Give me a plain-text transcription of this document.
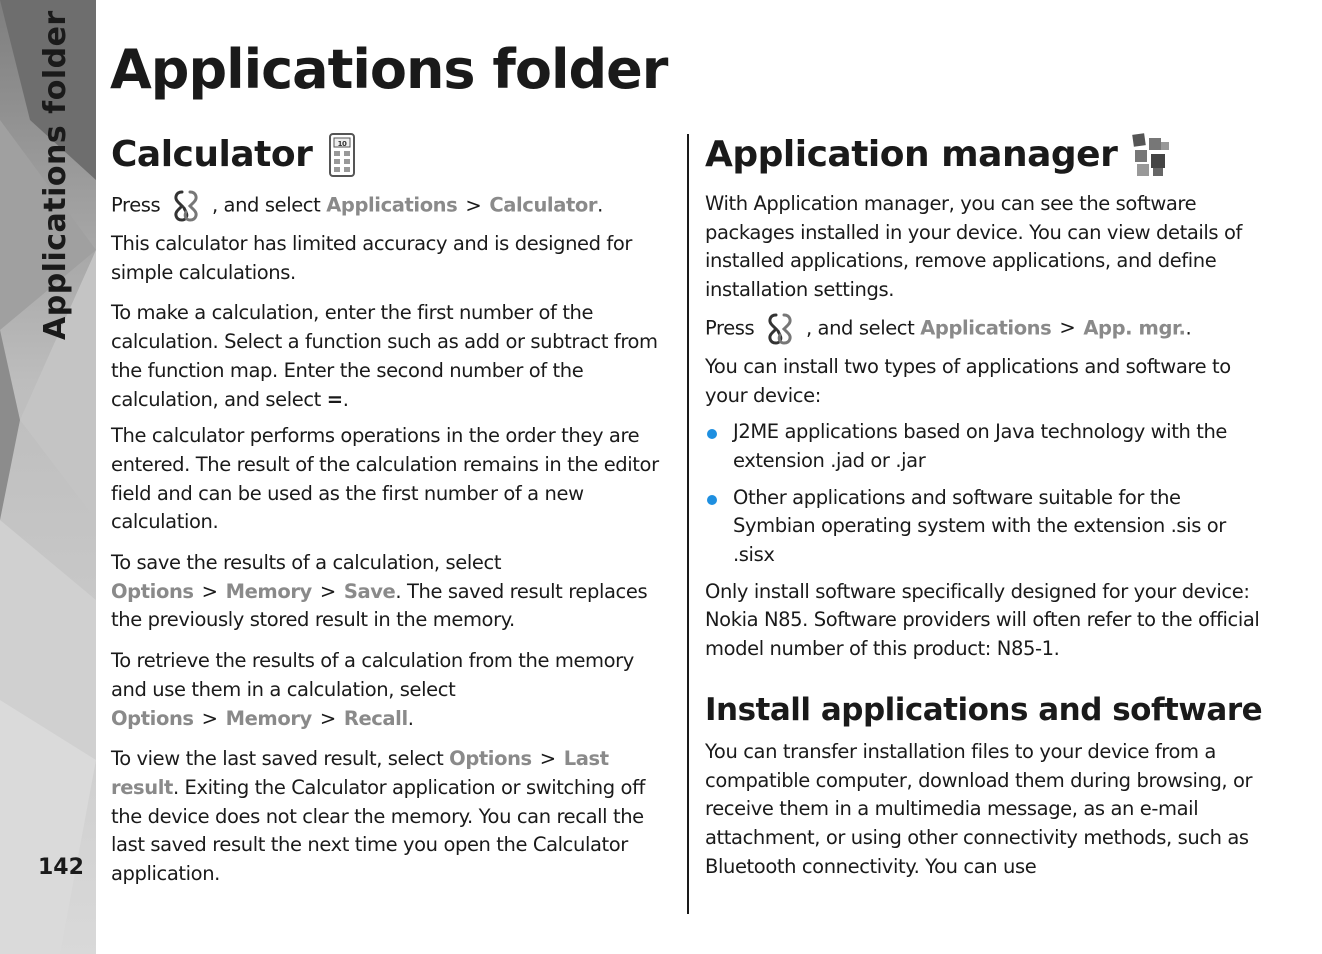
Applications folder
142
Applications folder
Calculator	10

Press	, and select Applications > Calculator.

This calculator has limited accuracy and is designed for simple calculations.

To make a calculation, enter the first number of the calculation. Select a function such as add or subtract from the function map. Enter the second number of the calculation, and select =.

The calculator performs operations in the order they are entered. The result of the calculation remains in the editor field and can be used as the first number of a new calculation.

To save the results of a calculation, select Options > Memory > Save. The saved result replaces the previously stored result in the memory.

To retrieve the results of a calculation from the memory and use them in a calculation, select Options > Memory > Recall.

To view the last saved result, select Options > Last result. Exiting the Calculator application or switching off the device does not clear the memory. You can recall the last saved result the next time you open the Calculator application.

Application manager

With Application manager, you can see the software packages installed in your device. You can view details of installed applications, remove applications, and define installation settings.

Press	, and select Applications > App. mgr..

You can install two types of applications and software to your device:

J2ME applications based on Java technology with the extension .jad or .jar
Other applications and software suitable for the Symbian operating system with the extension .sis or .sisx

Only install software specifically designed for your device: Nokia N85. Software providers will often refer to the official model number of this product: N85-1.

Install applications and software

You can transfer installation files to your device from a compatible computer, download them during browsing, or receive them in a multimedia message, as an e-mail attachment, or using other connectivity methods, such as Bluetooth connectivity. You can use
